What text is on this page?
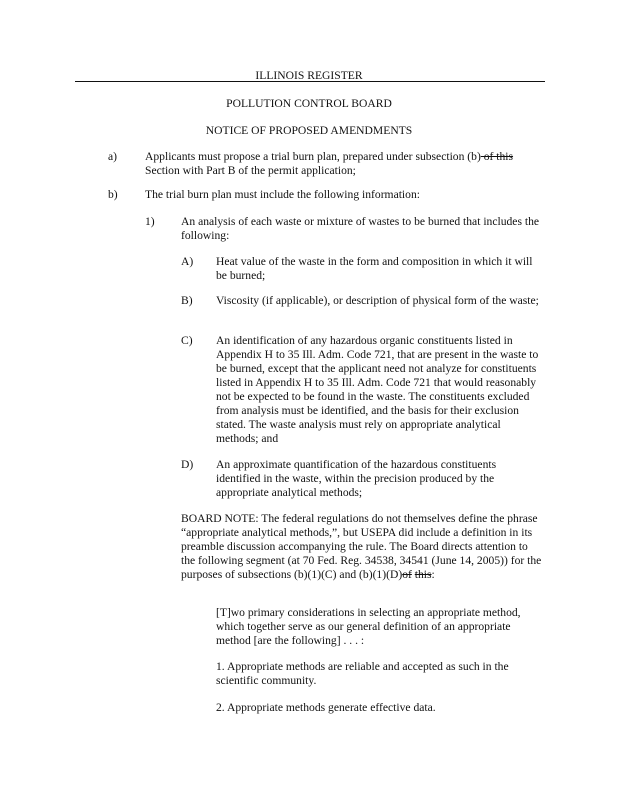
ILLINOIS REGISTER
POLLUTION CONTROL BOARD
NOTICE OF PROPOSED AMENDMENTS
a) Applicants must propose a trial burn plan, prepared under subsection (b) of this
Section with Part B of the permit application;
b) The trial burn plan must include the following information:
1) An analysis of each waste or mixture of wastes to be burned that includes the following:
A) Heat value of the waste in the form and composition in which it will be burned;
B) Viscosity (if applicable), or description of physical form of the waste;
C) An identification of any hazardous organic constituents listed in Appendix H to 35 Ill. Adm. Code 721, that are present in the waste to be burned, except that the applicant need not analyze for constituents listed in Appendix H to 35 Ill. Adm. Code 721 that would reasonably not be expected to be found in the waste. The constituents excluded from analysis must be identified, and the basis for their exclusion stated. The waste analysis must rely on appropriate analytical methods; and
D) An approximate quantification of the hazardous constituents identified in the waste, within the precision produced by the appropriate analytical methods;
BOARD NOTE: The federal regulations do not themselves define the phrase “appropriate analytical methods,”, but USEPA did include a definition in its preamble discussion accompanying the rule. The Board directs attention to the following segment (at 70 Fed. Reg. 34538, 34541 (June 14, 2005)) for the purposes of subsections (b)(1)(C) and (b)(1)(D)of this:
[T]wo primary considerations in selecting an appropriate method, which together serve as our general definition of an appropriate method [are the following] . . . :
1. Appropriate methods are reliable and accepted as such in the scientific community.
2. Appropriate methods generate effective data.
